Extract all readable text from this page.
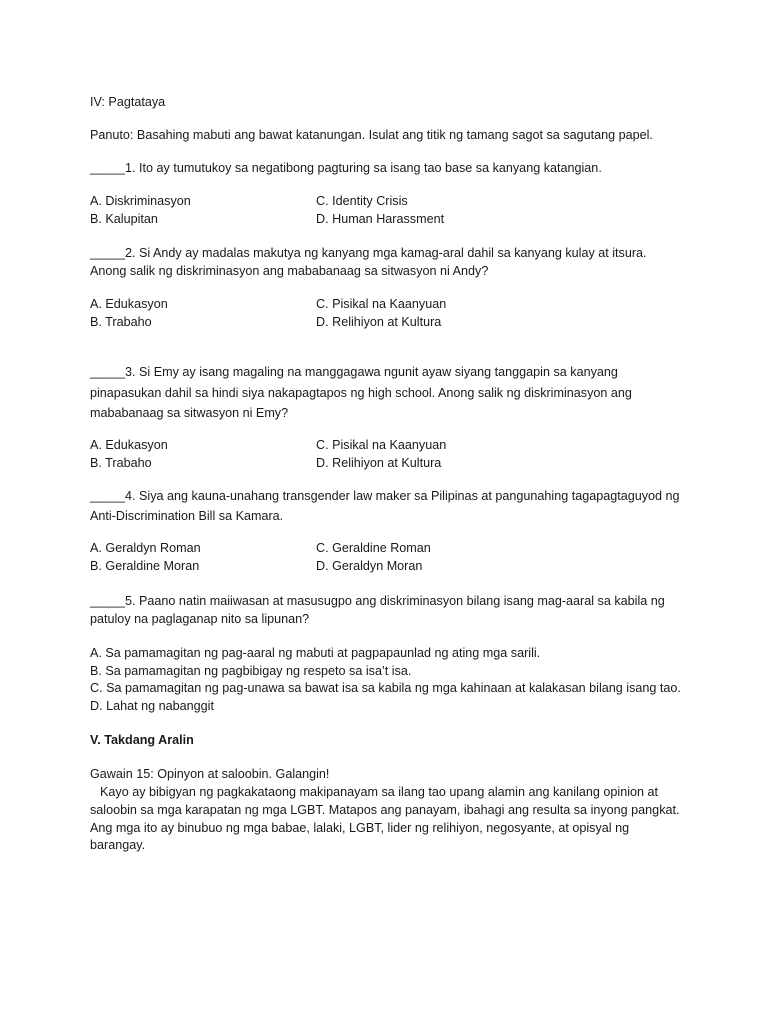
IV: Pagtataya
Panuto: Basahing mabuti ang bawat katanungan. Isulat ang titik ng tamang sagot sa sagutang papel.
_____1. Ito ay tumutukoy sa negatibong pagturing sa isang tao base sa kanyang katangian.
A. Diskriminasyon	C. Identity Crisis
B. Kalupitan	D. Human Harassment
_____2. Si Andy ay madalas makutya ng kanyang mga kamag-aral dahil sa kanyang kulay at itsura.
Anong salik ng diskriminasyon ang mababanaag sa sitwasyon ni Andy?
A. Edukasyon	C. Pisikal na Kaanyuan
B. Trabaho	D. Relihiyon at Kultura
_____3. Si Emy ay isang magaling na manggagawa ngunit ayaw siyang tanggapin sa kanyang
pinapasukan dahil sa hindi siya nakapagtapos ng high school. Anong salik ng diskriminasyon ang
mababanaag sa sitwasyon ni Emy?
A. Edukasyon	C. Pisikal na Kaanyuan
B. Trabaho	D. Relihiyon at Kultura
_____4. Siya ang kauna-unahang transgender law maker sa Pilipinas at pangunahing tagapagtaguyod ng
Anti-Discrimination Bill sa Kamara.
A. Geraldyn Roman	C. Geraldine Roman
B. Geraldine Moran	D. Geraldyn Moran
_____5. Paano natin maiiwasan at masusugpo ang diskriminasyon bilang isang mag-aaral sa kabila ng
patuloy na paglaganap nito sa lipunan?
A. Sa pamamagitan ng pag-aaral ng mabuti at pagpapaunlad ng ating mga sarili.
B. Sa pamamagitan ng pagbibigay ng respeto sa isa’t isa.
C. Sa pamamagitan ng pag-unawa sa bawat isa sa kabila ng mga kahinaan at kalakasan bilang isang tao.
D. Lahat ng nabanggit
V. Takdang Aralin
Gawain 15: Opinyon at saloobin. Galangin!
Kayo ay bibigyan ng pagkakataong makipanayam sa ilang tao upang alamin ang kanilang opinion at
saloobin sa mga karapatan ng mga LGBT. Matapos ang panayam, ibahagi ang resulta sa inyong pangkat.
Ang mga ito ay binubuo ng mga babae, lalaki, LGBT, lider ng relihiyon, negosyante, at opisyal ng
barangay.
